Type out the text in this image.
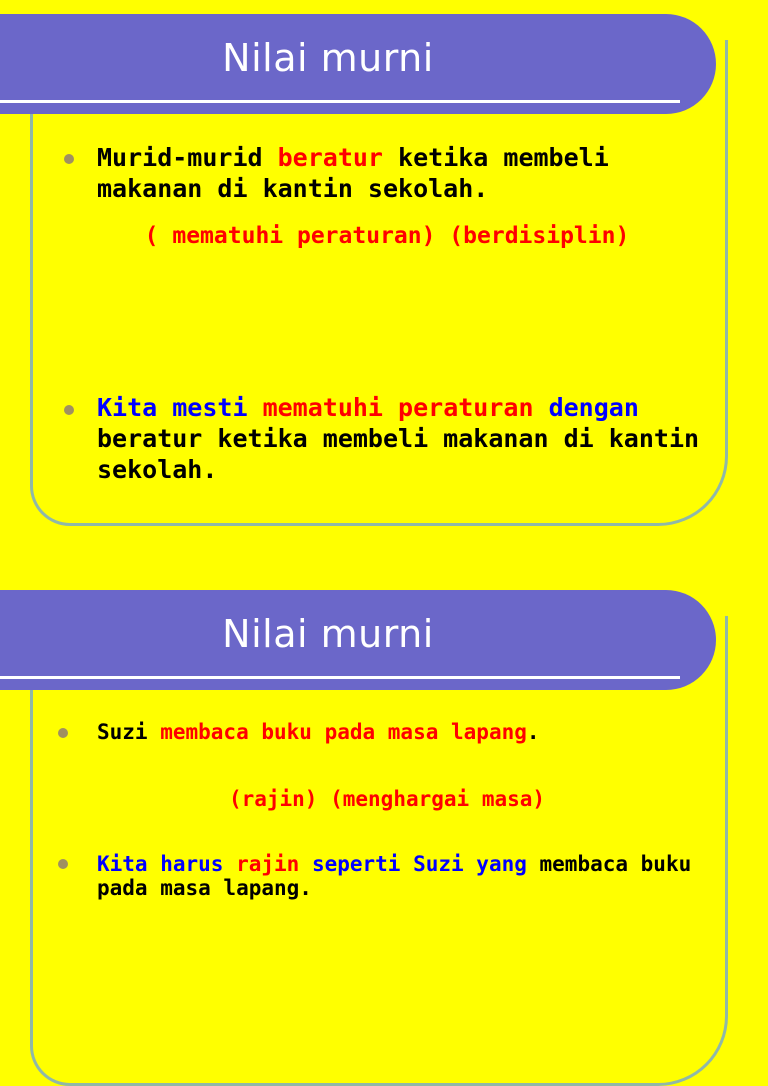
Nilai murni
Murid-murid beratur ketika membeli makanan di kantin sekolah.
( mematuhi peraturan) (berdisiplin)
Kita mesti mematuhi peraturan dengan beratur ketika membeli makanan di kantin sekolah.
Nilai murni
Suzi membaca buku pada masa lapang.
(rajin) (menghargai masa)
Kita harus rajin seperti Suzi yang membaca buku pada masa lapang.
